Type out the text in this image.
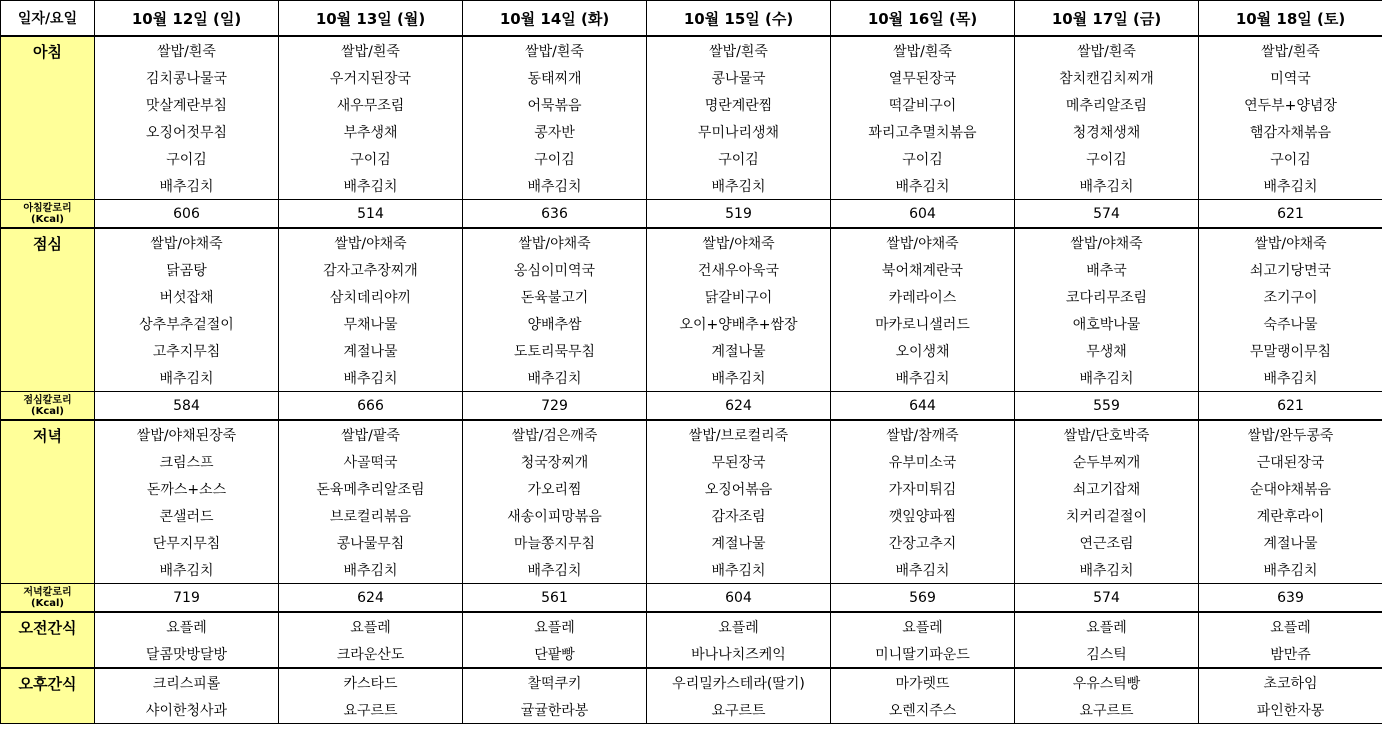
일자/요일	10월 12일 (일)	10월 13일 (월)	10월 14일 (화)	10월 15일 (수)	10월 16일 (목)	10월 17일 (금)	10월 18일 (토)
아침	쌀밥/흰죽	쌀밥/흰죽	쌀밥/흰죽	쌀밥/흰죽	쌀밥/흰죽	쌀밥/흰죽	쌀밥/흰죽
	김치콩나물국	우거지된장국	동태찌개	콩나물국	열무된장국	참치캔김치찌개	미역국
	맛살계란부침	새우무조림	어묵볶음	명란계란찜	떡갈비구이	메추리알조림	연두부+양념장
	오징어젓무침	부추생채	콩자반	무미나리생채	꽈리고추멸치볶음	청경채생채	햄감자채볶음
	구이김	구이김	구이김	구이김	구이김	구이김	구이김
	배추김치	배추김치	배추김치	배추김치	배추김치	배추김치	배추김치

아침칼로리
(Kcal)	606	514	636	519	604	574	621
점심	쌀밥/야채죽	쌀밥/야채죽	쌀밥/야채죽	쌀밥/야채죽	쌀밥/야채죽	쌀밥/야채죽	쌀밥/야채죽
	닭곰탕	감자고추장찌개	옹심이미역국	건새우아욱국	북어채계란국	배추국	쇠고기당면국
	버섯잡채	삼치데리야끼	돈육불고기	닭갈비구이	카레라이스	코다리무조림	조기구이
	상추부추겉절이	무채나물	양배추쌈	오이+양배추+쌈장	마카로니샐러드	애호박나물	숙주나물
	고추지무침	계절나물	도토리묵무침	계절나물	오이생채	무생채	무말랭이무침
	배추김치	배추김치	배추김치	배추김치	배추김치	배추김치	배추김치

점심칼로리
(Kcal)	584	666	729	624	644	559	621
저녁	쌀밥/야채된장죽	쌀밥/팥죽	쌀밥/검은깨죽	쌀밥/브로컬리죽	쌀밥/참깨죽	쌀밥/단호박죽	쌀밥/완두콩죽
	크림스프	사골떡국	청국장찌개	무된장국	유부미소국	순두부찌개	근대된장국
	돈까스+소스	돈육메추리알조림	가오리찜	오징어볶음	가자미튀김	쇠고기잡채	순대야채볶음
	콘샐러드	브로컬리볶음	새송이피망볶음	감자조림	깻잎양파찜	치커리겉절이	계란후라이
	단무지무침	콩나물무침	마늘쫑지무침	계절나물	간장고추지	연근조림	계절나물
	배추김치	배추김치	배추김치	배추김치	배추김치	배추김치	배추김치

저녁칼로리
(Kcal)	719	624	561	604	569	574	639
오전간식	요플레	요플레	요플레	요플레	요플레	요플레	요플레
	달콤맛방달방	크라운산도	단팥빵	바나나치즈케익	미니딸기파운드	김스틱	밤만쥬
오후간식	크리스피롤	카스타드	찰떡쿠키	우리밀카스테라(딸기)	마가렛뜨	우유스틱빵	초코하임
	샤이한청사과	요구르트	귤귤한라봉	요구르트	오렌지주스	요구르트	파인한자몽
